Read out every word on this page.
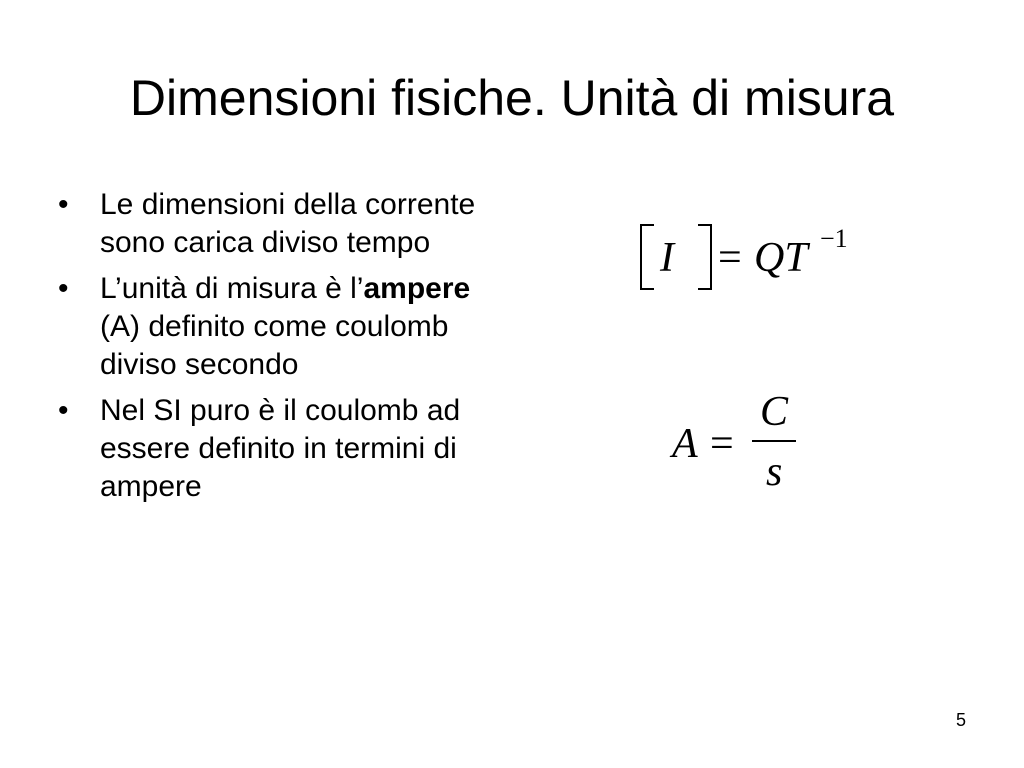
Dimensioni fisiche. Unità di misura
•	Le dimensioni della corrente sono carica diviso tempo
•	L’unità di misura è l’ampere (A) definito come coulomb diviso secondo
•	Nel SI puro è il coulomb ad essere definito in termini di ampere
I = QT −1
A =
C
s
5
